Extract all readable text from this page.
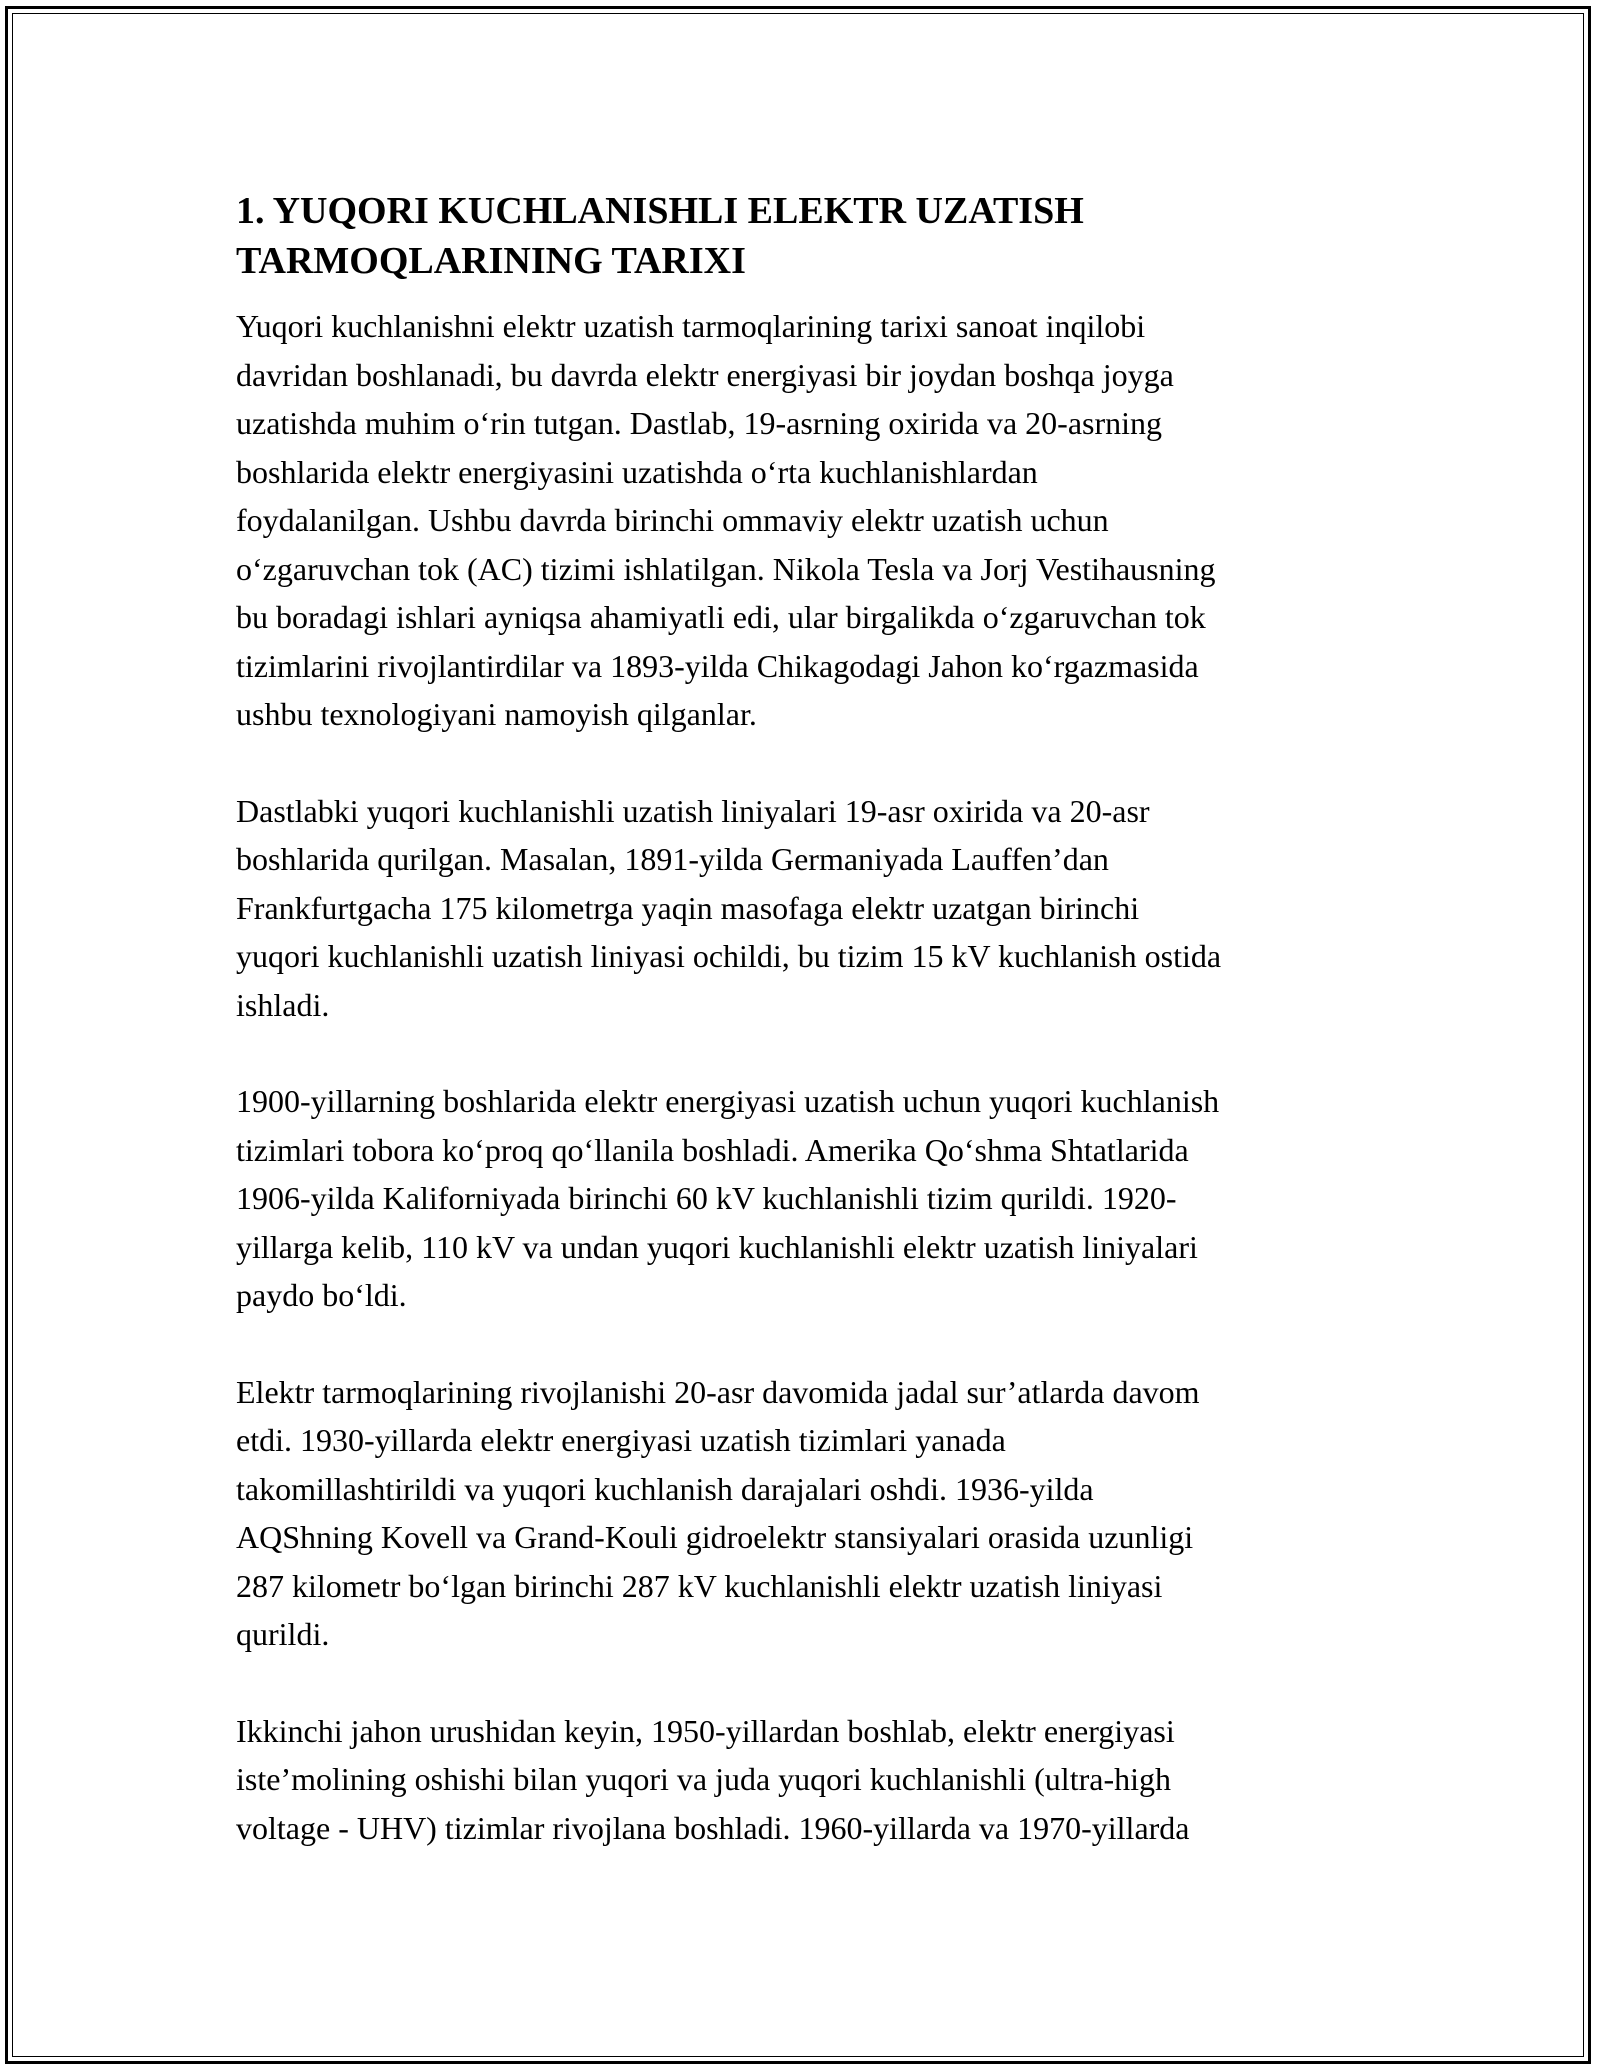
1. YUQORI KUCHLANISHLI ELEKTR UZATISH
TARMOQLARINING TARIXI
Yuqori kuchlanishni elektr uzatish tarmoqlarining tarixi sanoat inqilobi
davridan boshlanadi, bu davrda elektr energiyasi bir joydan boshqa joyga
uzatishda muhim o‘rin tutgan. Dastlab, 19-asrning oxirida va 20-asrning
boshlarida elektr energiyasini uzatishda o‘rta kuchlanishlardan
foydalanilgan. Ushbu davrda birinchi ommaviy elektr uzatish uchun
o‘zgaruvchan tok (AC) tizimi ishlatilgan. Nikola Tesla va Jorj Vestihausning
bu boradagi ishlari ayniqsa ahamiyatli edi, ular birgalikda o‘zgaruvchan tok
tizimlarini rivojlantirdilar va 1893-yilda Chikagodagi Jahon ko‘rgazmasida
ushbu texnologiyani namoyish qilganlar.
Dastlabki yuqori kuchlanishli uzatish liniyalari 19-asr oxirida va 20-asr
boshlarida qurilgan. Masalan, 1891-yilda Germaniyada Lauffen’dan
Frankfurtgacha 175 kilometrga yaqin masofaga elektr uzatgan birinchi
yuqori kuchlanishli uzatish liniyasi ochildi, bu tizim 15 kV kuchlanish ostida
ishladi.
1900-yillarning boshlarida elektr energiyasi uzatish uchun yuqori kuchlanish
tizimlari tobora ko‘proq qo‘llanila boshladi. Amerika Qo‘shma Shtatlarida
1906-yilda Kaliforniyada birinchi 60 kV kuchlanishli tizim qurildi. 1920-
yillarga kelib, 110 kV va undan yuqori kuchlanishli elektr uzatish liniyalari
paydo bo‘ldi.
Elektr tarmoqlarining rivojlanishi 20-asr davomida jadal sur’atlarda davom
etdi. 1930-yillarda elektr energiyasi uzatish tizimlari yanada
takomillashtirildi va yuqori kuchlanish darajalari oshdi. 1936-yilda
AQShning Kovell va Grand-Kouli gidroelektr stansiyalari orasida uzunligi
287 kilometr bo‘lgan birinchi 287 kV kuchlanishli elektr uzatish liniyasi
qurildi.
Ikkinchi jahon urushidan keyin, 1950-yillardan boshlab, elektr energiyasi
iste’molining oshishi bilan yuqori va juda yuqori kuchlanishli (ultra-high
voltage - UHV) tizimlar rivojlana boshladi. 1960-yillarda va 1970-yillarda
